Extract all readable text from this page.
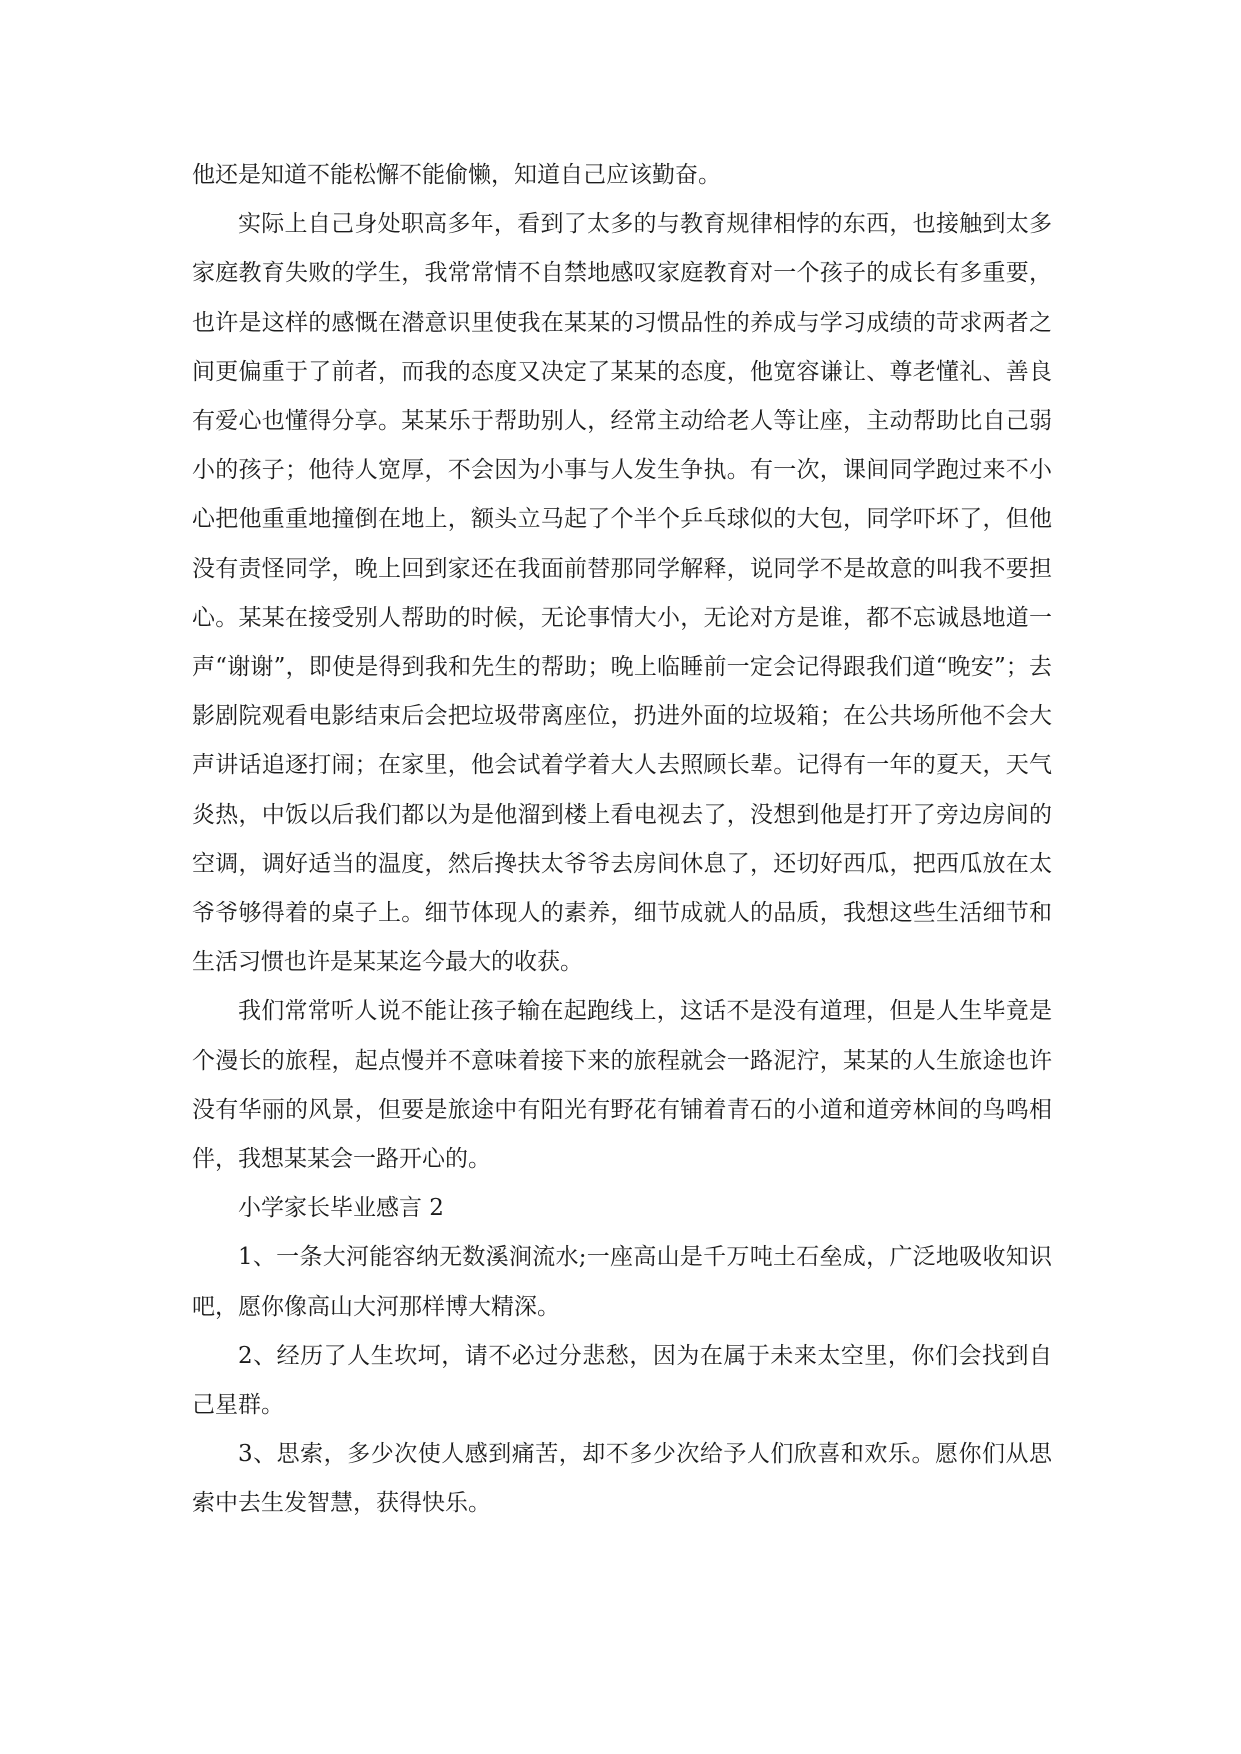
他还是知道不能松懈不能偷懒，知道自己应该勤奋。

实际上自己身处职高多年，看到了太多的与教育规律相悖的东西，也接触到太多家庭教育失败的学生，我常常情不自禁地感叹家庭教育对一个孩子的成长有多重要，也许是这样的感慨在潜意识里使我在某某的习惯品性的养成与学习成绩的苛求两者之间更偏重于了前者，而我的态度又决定了某某的态度，他宽容谦让、尊老懂礼、善良有爱心也懂得分享。某某乐于帮助别人，经常主动给老人等让座，主动帮助比自己弱小的孩子；他待人宽厚，不会因为小事与人发生争执。有一次，课间同学跑过来不小心把他重重地撞倒在地上，额头立马起了个半个乒乓球似的大包，同学吓坏了，但他没有责怪同学，晚上回到家还在我面前替那同学解释，说同学不是故意的叫我不要担心。某某在接受别人帮助的时候，无论事情大小，无论对方是谁，都不忘诚恳地道一声“谢谢”，即使是得到我和先生的帮助；晚上临睡前一定会记得跟我们道“晚安”；去影剧院观看电影结束后会把垃圾带离座位，扔进外面的垃圾箱；在公共场所他不会大声讲话追逐打闹；在家里，他会试着学着大人去照顾长辈。记得有一年的夏天，天气炎热，中饭以后我们都以为是他溜到楼上看电视去了，没想到他是打开了旁边房间的空调，调好适当的温度，然后搀扶太爷爷去房间休息了，还切好西瓜，把西瓜放在太爷爷够得着的桌子上。细节体现人的素养，细节成就人的品质，我想这些生活细节和生活习惯也许是某某迄今最大的收获。

我们常常听人说不能让孩子输在起跑线上，这话不是没有道理，但是人生毕竟是个漫长的旅程，起点慢并不意味着接下来的旅程就会一路泥泞，某某的人生旅途也许没有华丽的风景，但要是旅途中有阳光有野花有铺着青石的小道和道旁林间的鸟鸣相伴，我想某某会一路开心的。

小学家长毕业感言 2

1、一条大河能容纳无数溪涧流水;一座高山是千万吨土石垒成，广泛地吸收知识吧，愿你像高山大河那样博大精深。

2、经历了人生坎坷，请不必过分悲愁，因为在属于未来太空里，你们会找到自己星群。

3、思索，多少次使人感到痛苦，却不多少次给予人们欣喜和欢乐。愿你们从思索中去生发智慧，获得快乐。
